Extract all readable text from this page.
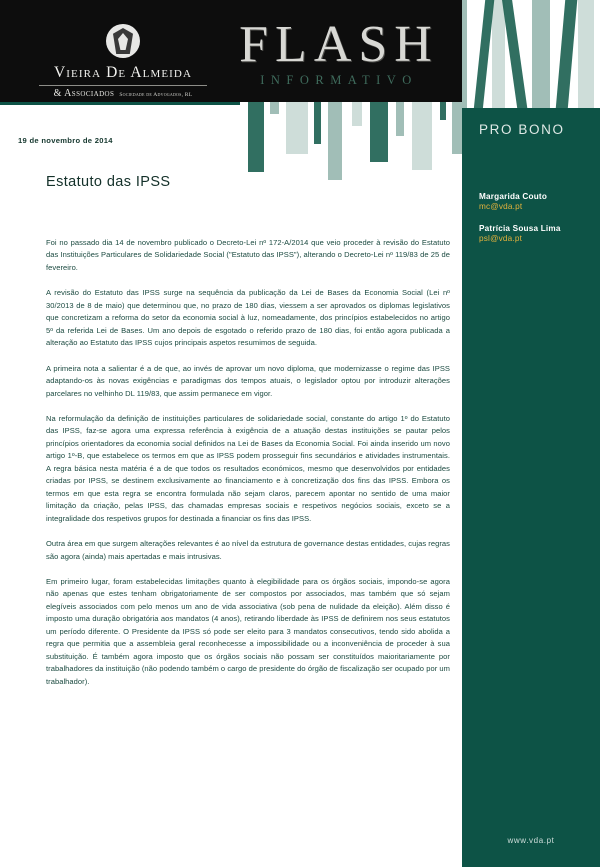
Vieira De Almeida
& Associados Sociedade de Advogados, RL
FLASH
INFORMATIVO
PRO BONO
Margarida Couto
mc@vda.pt
Patrícia Sousa Lima
psl@vda.pt
www.vda.pt
19 de novembro de 2014
Estatuto das IPSS

Foi no passado dia 14 de novembro publicado o Decreto-Lei nº 172-A/2014 que veio proceder à revisão do Estatuto das Instituições Particulares de Solidariedade Social ("Estatuto das IPSS"), alterando o Decreto-Lei nº 119/83 de 25 de fevereiro.

A revisão do Estatuto das IPSS surge na sequência da publicação da Lei de Bases da Economia Social (Lei nº 30/2013 de 8 de maio) que determinou que, no prazo de 180 dias, viessem a ser aprovados os diplomas legislativos que concretizam a reforma do setor da economia social à luz, nomeadamente, dos princípios estabelecidos no artigo 5º da referida Lei de Bases. Um ano depois de esgotado o referido prazo de 180 dias, foi então agora publicada a alteração ao Estatuto das IPSS cujos principais aspetos resumimos de seguida.

A primeira nota a salientar é a de que, ao invés de aprovar um novo diploma, que modernizasse o regime das IPSS adaptando-os às novas exigências e paradigmas dos tempos atuais, o legislador optou por introduzir alterações parcelares no velhinho DL 119/83, que assim permanece em vigor.

Na reformulação da definição de instituições particulares de solidariedade social, constante do artigo 1º do Estatuto das IPSS, faz-se agora uma expressa referência à exigência de a atuação destas instituições se pautar pelos princípios orientadores da economia social definidos na Lei de Bases da Economia Social. Foi ainda inserido um novo artigo 1º-B, que estabelece os termos em que as IPSS podem prosseguir fins secundários e atividades instrumentais. A regra básica nesta matéria é a de que todos os resultados económicos, mesmo que desenvolvidos por entidades criadas por IPSS, se destinem exclusivamente ao financiamento e à concretização dos fins das IPSS. Embora os termos em que esta regra se encontra formulada não sejam claros, parecem apontar no sentido de uma maior limitação da criação, pelas IPSS, das chamadas empresas sociais e respetivos negócios sociais, exceto se a integralidade dos respetivos grupos for destinada a financiar os fins das IPSS.

Outra área em que surgem alterações relevantes é ao nível da estrutura de governance destas entidades, cujas regras são agora (ainda) mais apertadas e mais intrusivas.

Em primeiro lugar, foram estabelecidas limitações quanto à elegibilidade para os órgãos sociais, impondo-se agora não apenas que estes tenham obrigatoriamente de ser compostos por associados, mas também que só sejam elegíveis associados com pelo menos um ano de vida associativa (sob pena de nulidade da eleição). Além disso é imposto uma duração obrigatória aos mandatos (4 anos), retirando liberdade às IPSS de definirem nos seus estatutos um período diferente. O Presidente da IPSS só pode ser eleito para 3 mandatos consecutivos, tendo sido abolida a regra que permitia que a assembleia geral reconhecesse a impossibilidade ou a inconveniência de proceder à sua substituição. É também agora imposto que os órgãos sociais não possam ser constituídos maioritariamente por trabalhadores da instituição (não podendo também o cargo de presidente do órgão de fiscalização ser ocupado por um trabalhador).
